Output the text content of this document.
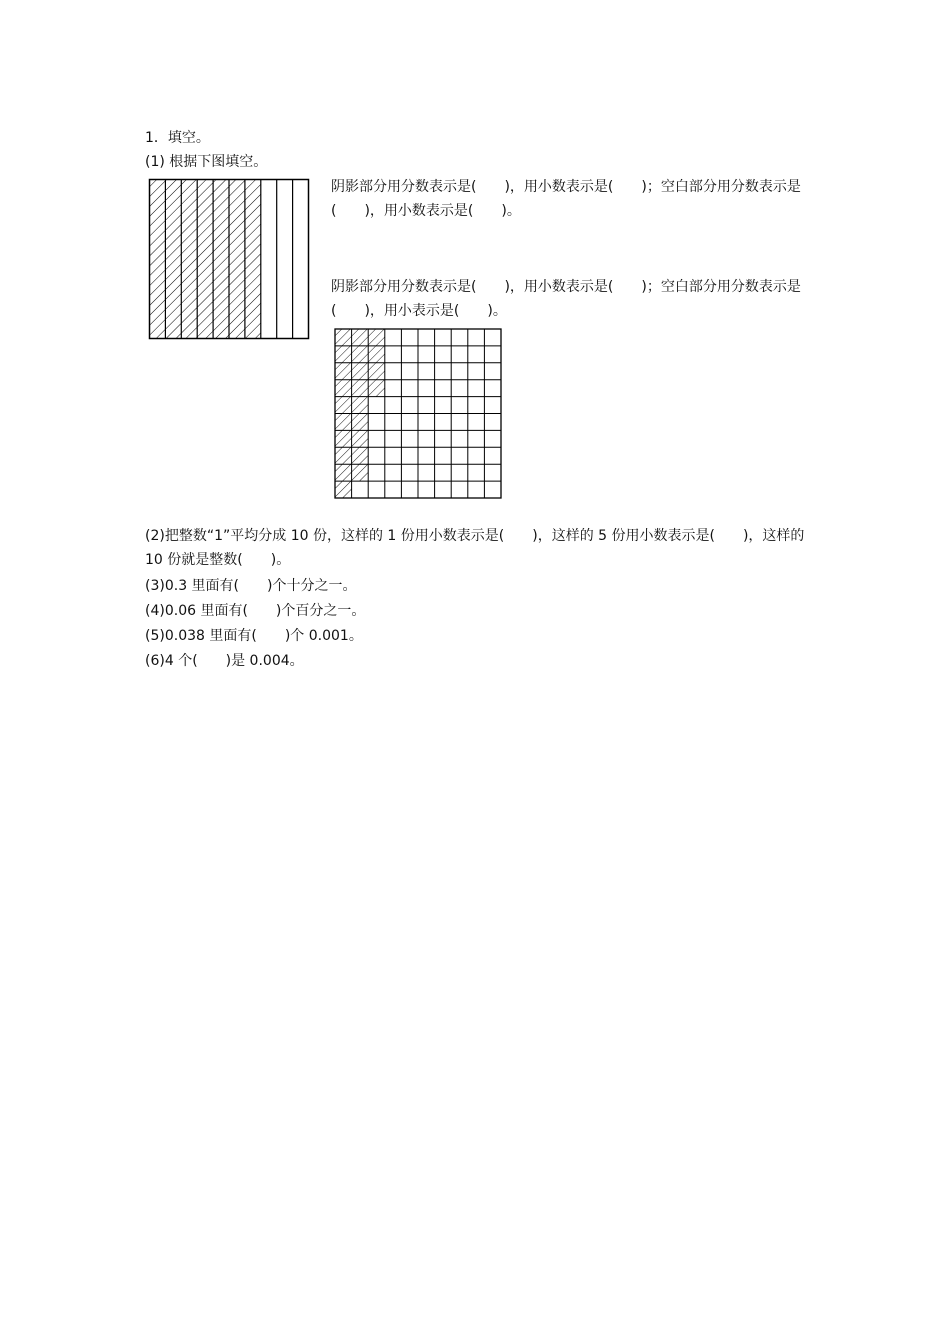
1．填空。
(1) 根据下图填空。
阴影部分用分数表示是(　　)，用小数表示是(　　)；空白部分用分数表示是(　　)，用小数表示是(　　)。
阴影部分用分数表示是(　　)，用小数表示是(　　)；空白部分用分数表示是(　　)，用小表示是(　　)。
(2)把整数“1”平均分成 10 份，这样的 1 份用小数表示是(　　)，这样的 5 份用小数表示是(　　)，这样的 10 份就是整数(　　)。
(3)0.3 里面有(　　)个十分之一。
(4)0.06 里面有(　　)个百分之一。
(5)0.038 里面有(　　)个 0.001。
(6)4 个(　　)是 0.004。
